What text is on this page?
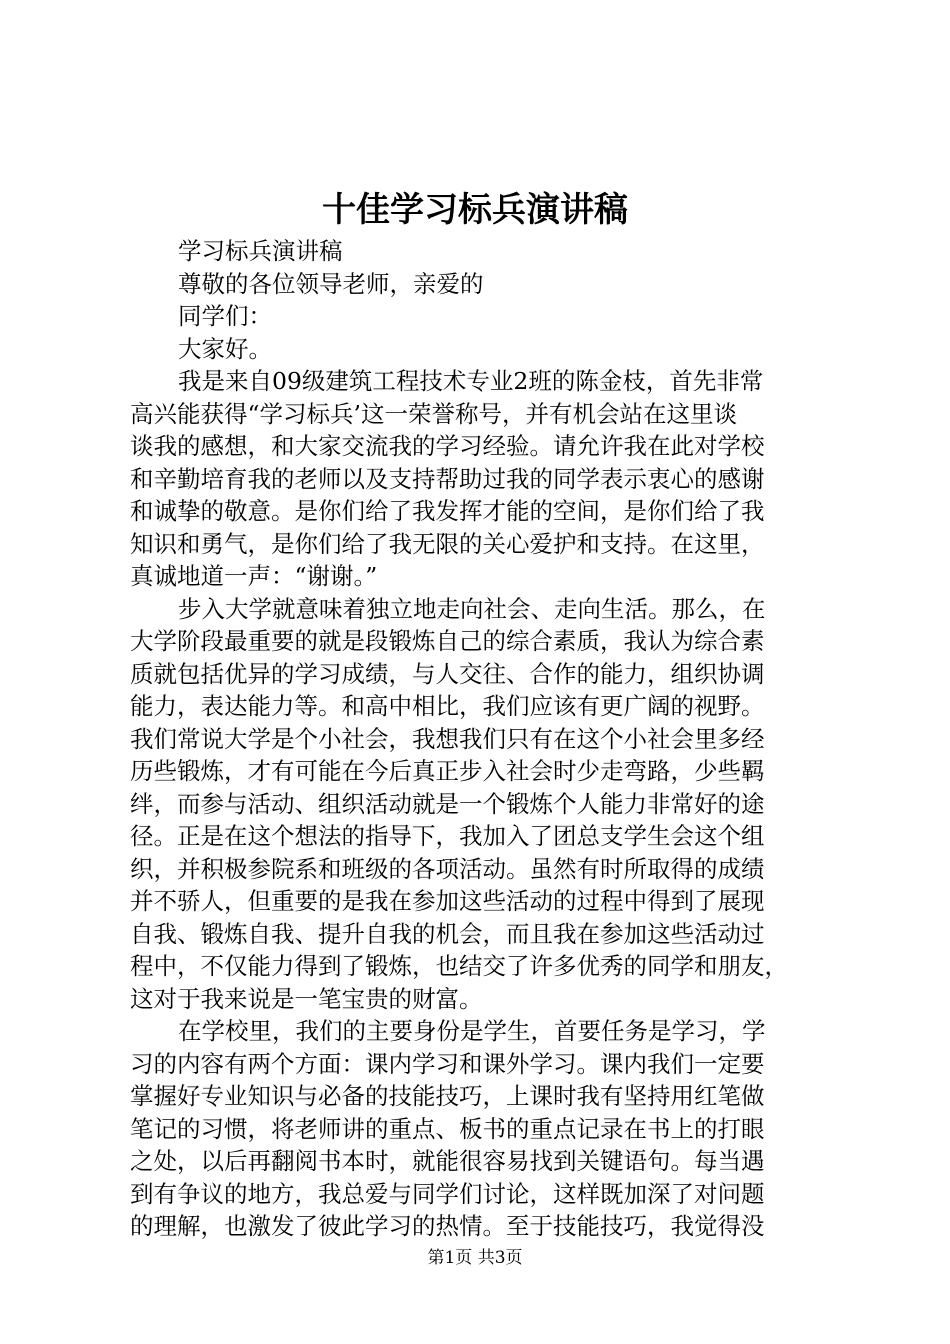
十佳学习标兵演讲稿
学习标兵演讲稿
尊敬的各位领导老师，亲爱的
同学们：
大家好。
我是来自09级建筑工程技术专业2班的陈金枝，首先非常
高兴能获得“学习标兵’这一荣誉称号，并有机会站在这里谈
谈我的感想，和大家交流我的学习经验。请允许我在此对学校
和辛勤培育我的老师以及支持帮助过我的同学表示衷心的感谢
和诚挚的敬意。是你们给了我发挥才能的空间，是你们给了我
知识和勇气，是你们给了我无限的关心爱护和支持。在这里，
真诚地道一声：“谢谢。”
步入大学就意味着独立地走向社会、走向生活。那么，在
大学阶段最重要的就是段锻炼自己的综合素质，我认为综合素
质就包括优异的学习成绩，与人交往、合作的能力，组织协调
能力，表达能力等。和高中相比，我们应该有更广阔的视野。
我们常说大学是个小社会，我想我们只有在这个小社会里多经
历些锻炼，才有可能在今后真正步入社会时少走弯路，少些羁
绊，而参与活动、组织活动就是一个锻炼个人能力非常好的途
径。正是在这个想法的指导下，我加入了团总支学生会这个组
织，并积极参院系和班级的各项活动。虽然有时所取得的成绩
并不骄人，但重要的是我在参加这些活动的过程中得到了展现
自我、锻炼自我、提升自我的机会，而且我在参加这些活动过
程中，不仅能力得到了锻炼，也结交了许多优秀的同学和朋友，
这对于我来说是一笔宝贵的财富。
在学校里，我们的主要身份是学生，首要任务是学习，学
习的内容有两个方面：课内学习和课外学习。课内我们一定要
掌握好专业知识与必备的技能技巧，上课时我有坚持用红笔做
笔记的习惯，将老师讲的重点、板书的重点记录在书上的打眼
之处，以后再翻阅书本时，就能很容易找到关键语句。每当遇
到有争议的地方，我总爱与同学们讨论，这样既加深了对问题
的理解，也激发了彼此学习的热情。至于技能技巧，我觉得没
第1页 共3页
